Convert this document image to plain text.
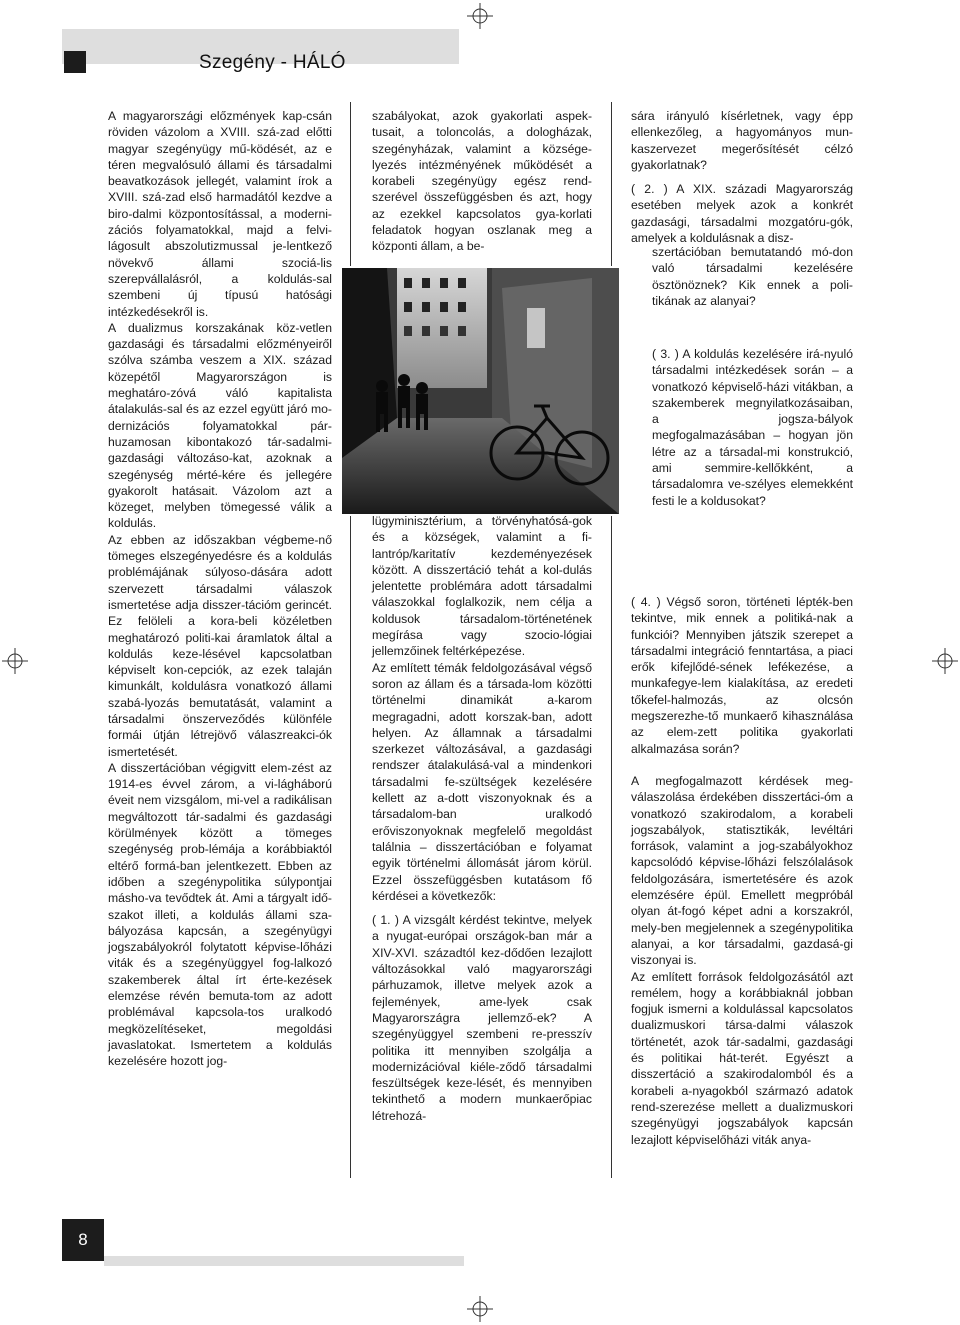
Szegény - HÁLÓ

A magyarországi előzmények kap-csán röviden vázolom a XVIII. szá-zad előtti magyar szegényügy mű-ködését, az e téren megvalósuló állami és társadalmi beavatkozások jellegét, valamint írok a XVIII. szá-zad első harmadától kezdve a biro-dalmi központosítással, a moderni-zációs folyamatokkal, majd a felvi-lágosult abszolutizmussal je-lentkező növekvő állami szociá-lis szerepvállalásról, a koldulás-sal szembeni új típusú hatósági intézkedésekről is.

A dualizmus korszakának köz-vetlen gazdasági és társadalmi előzményeiről szólva számba veszem a XIX. század közepétől Magyarországon is meghatáro-zóvá váló kapitalista átalakulás-sal és az ezzel együtt járó mo-dernizációs folyamatokkal pár-huzamosan kibontakozó tár-sadalmi-gazdasági változáso-kat, azoknak a szegénység mérté-kére és jellegére gyakorolt hatásait. Vázolom azt a közeget, melyben tömegessé válik a koldulás.

Az ebben az időszakban végbeme-nő tömeges elszegényedésre és a koldulás problémájának súlyoso-dására adott szervezett társadalmi válaszok ismertetése adja disszer-tációm gerincét. Ez felöleli a kora-beli közéletben meghatározó politi-kai áramlatok által a koldulás keze-lésével kapcsolatban képviselt kon-cepciók, az ezek talaján kimunkált, koldulásra vonatkozó állami szabá-lyozás bemutatását, valamint a társadalmi önszerveződés különféle formái útján létrejövő válaszreakci-ók ismertetését.

A disszertációban végigvitt elem-zést az 1914-es évvel zárom, a vi-lágháború éveit nem vizsgálom, mi-vel a radikálisan megváltozott tár-sadalmi és gazdasági körülmények között a tömeges szegénység prob-lémája a korábbiaktól eltérő formá-ban jelentkezett. Ebben az időben a szegénypolitika súlypontjai másho-va tevődtek át. Ami a tárgyalt idő-szakot illeti, a koldulás állami sza-bályozása kapcsán, a szegényügyi jogszabályokról folytatott képvise-lőházi viták és a szegényüggyel fog-lalkozó szakemberek által írt érte-kezések elemzése révén bemuta-tom az adott problémával kapcsola-tos uralkodó megközelítéseket, megoldási javaslatokat. Ismertetem a koldulás kezelésére hozott jog-

szabályokat, azok gyakorlati aspek-tusait, a toloncolás, a dologházak, szegényházak, valamint a községe-lyezés intézményének működését a korabeli szegényügy egész rend-szerével összefüggésben és azt, hogy az ezekkel kapcsolatos gya-korlati feladatok hogyan oszlanak meg a központi állam, a be-

lügyminisztérium, a törvényhatósá-gok és a községek, valamint a fi-lantróp/karitatív kezdeményezések között. A disszertáció tehát a kol-dulás jelentette problémára adott társadalmi válaszokkal foglalkozik, nem célja a koldusok társadalom-történetének megírása vagy szocio-lógiai jellemzőinek feltérképezése.

Az említett témák feldolgozásával végső soron az állam és a társada-lom közötti történelmi dinamikát a-karom megragadni, adott korszak-ban, adott helyen. Az államnak a társadalmi szerkezet változásával, a gazdasági rendszer átalakulásá-val a mindenkori társadalmi fe-szültségek kezelésére kellett az a-dott viszonyoknak és a társadalom-ban uralkodó erőviszonyoknak megfelelő megoldást találnia – disszertációban e folyamat egyik történelmi állomását járom körül. Ezzel összefüggésben kutatásom fő kérdései a következők:

( 1. ) A vizsgált kérdést tekintve, melyek a nyugat-európai országok-ban már a XIV-XVI. századtól kez-dődően lezajlott változásokkal való magyarországi párhuzamok, illetve melyek azok a fejlemények, ame-lyek csak Magyarországra jellemző-ek? A szegényüggyel szembeni re-presszív politika itt mennyiben szolgálja a modernizációval kiéle-ződő társadalmi feszültségek keze-lését, és mennyiben tekinthető a modern munkaerőpiac létrehozá-

sára irányuló kísérletnek, vagy épp ellenkezőleg, a hagyományos mun-kaszervezet megerősítését célzó gyakorlatnak?

( 2. ) A XIX. századi Magyarország esetében melyek azok a konkrét gazdasági, társadalmi mozgatóru-gók, amelyek a koldulásnak a disz-

szertációban bemutatandó mó-don való társadalmi kezelésére ösztönöznek? Kik ennek a poli-tikának az alanyai?
( 3. ) A koldulás kezelésére irá-nyuló társadalmi intézkedések során – a vonatkozó képviselő-házi vitákban, a szakemberek megnyilatkozásaiban, a jogsza-bályok megfogalmazásában – hogyan jön létre az a társadal-mi konstrukció, ami semmire-kellőkként, a társadalomra ve-szélyes elemekként festi le a koldusokat?

( 4. ) Végső soron, történeti lépték-ben tekintve, mik ennek a politiká-nak a funkciói? Mennyiben játszik szerepet a társadalmi integráció fenntartása, a piaci erők kifejlődé-sének lefékezése, a munkafegye-lem kialakítása, az eredeti tőkefel-halmozás, az olcsón megszerezhe-tő munkaerő kihasználása az elem-zett politika gyakorlati alkalmazása során?

A megfogalmazott kérdések meg-válaszolása érdekében disszertáci-óm a vonatkozó szakirodalom, a korabeli jogszabályok, statisztikák, levéltári források, valamint a jog-szabályokhoz kapcsolódó képvise-lőházi felszólalások feldolgozására, ismertetésére és azok elemzésére épül. Emellett megpróbál olyan át-fogó képet adni a korszakról, mely-ben megjelennek a szegénypolitika alanyai, a kor társadalmi, gazdasá-gi viszonyai is.

Az említett források feldolgozásától azt remélem, hogy a korábbiaknál jobban fogjuk ismerni a koldulással kapcsolatos dualizmuskori társa-dalmi válaszok történetét, azok tár-sadalmi, gazdasági és politikai hát-terét. Egyészt a disszertáció a szakirodalomból és a korabeli a-nyagokból származó adatok rend-szerezése mellett a dualizmuskori szegényügyi jogszabályok kapcsán lezajlott képviselőházi viták anya-

8
